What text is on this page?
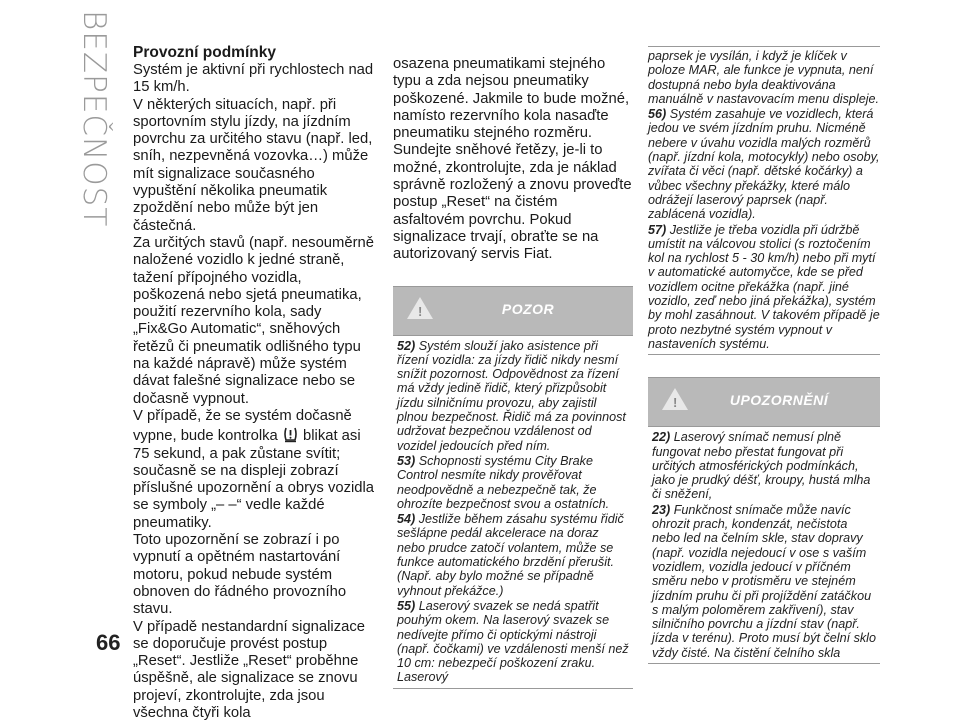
BEZPEČNOST Provozní podmínky

Systém je aktivní při rychlostech nad 15 km/h.

V některých situacích, např. při sportovním stylu jízdy, na jízdním povrchu za určitého stavu (např. led, sníh, nezpevněná vozovka…) může mít signalizace současného vypuštění několika pneumatik zpoždění nebo může být jen částečná.

Za určitých stavů (např. nesouměrně naložené vozidlo k jedné straně, tažení přípojného vozidla, poškozená nebo sjetá pneumatika, použití rezervního kola, sady „Fix&Go Automatic“, sněhových řetězů či pneumatik odlišného typu na každé nápravě) může systém dávat falešné signalizace nebo se dočasně vypnout.

V případě, že se systém dočasně vypne, bude kontrolka blikat asi 75 sekund, a pak zůstane svítit; současně se na displeji zobrazí příslušné upozornění a obrys vozidla se symboly „– –“ vedle každé pneumatiky.

Toto upozornění se zobrazí i po vypnutí a opětném nastartování motoru, pokud nebude systém obnoven do řádného provozního stavu.

V případě nestandardní signalizace se doporučuje provést postup „Reset“. Jestliže „Reset“ proběhne úspěšně, ale signalizace se znovu projeví, zkontrolujte, zda jsou všechna čtyři kola

osazena pneumatikami stejného typu a zda nejsou pneumatiky poškozené. Jakmile to bude možné, namísto rezervního kola nasaďte pneumatiku stejného rozměru. Sundejte sněhové řetězy, je-li to možné, zkontrolujte, zda je náklad správně rozložený a znovu proveďte postup „Reset“ na čistém asfaltovém povrchu. Pokud signalizace trvají, obraťte se na autorizovaný servis Fiat.

!	POZOR

52) Systém slouží jako asistence při řízení vozidla: za jízdy řidič nikdy nesmí snížit pozornost. Odpovědnost za řízení má vždy jedině řidič, který přizpůsobit jízdu silničnímu provozu, aby zajistil plnou bezpečnost. Řidič má za povinnost udržovat bezpečnou vzdálenost od vozidel jedoucích před ním.

53) Schopnosti systému City Brake Control nesmíte nikdy prověřovat neodpovědně a nebezpečně tak, že ohrozíte bezpečnost svou a ostatních.

54) Jestliže během zásahu systému řidič sešlápne pedál akcelerace na doraz nebo prudce zatočí volantem, může se funkce automatického brzdění přerušit. (Např. aby bylo možné se případně vyhnout překážce.)

55) Laserový svazek se nedá spatřit pouhým okem. Na laserový svazek se nedívejte přímo či optickými nástroji (např. čočkami) ve vzdálenosti menší než 10 cm: nebezpečí poškození zraku. Laserový

paprsek je vysílán, i když je klíček v poloze MAR, ale funkce je vypnuta, není dostupná nebo byla deaktivována manuálně v nastavovacím menu displeje.

56) Systém zasahuje ve vozidlech, která jedou ve svém jízdním pruhu. Nicméně nebere v úvahu vozidla malých rozměrů (např. jízdní kola, motocykly) nebo osoby, zvířata či věci (např. dětské kočárky) a vůbec všechny překážky, které málo odrážejí laserový paprsek (např. zablácená vozidla).

57) Jestliže je třeba vozidla při údržbě umístit na válcovou stolici (s roztočením kol na rychlost 5 - 30 km/h) nebo při mytí v automatické automyčce, kde se před vozidlem ocitne překážka (např. jiné vozidlo, zeď nebo jiná překážka), systém by mohl zasáhnout. V takovém případě je proto nezbytné systém vypnout v nastaveních systému.

!	UPOZORNĚNÍ

22) Laserový snímač nemusí plně fungovat nebo přestat fungovat při určitých atmosférických podmínkách, jako je prudký déšť, kroupy, hustá mlha či sněžení,

23) Funkčnost snímače může navíc ohrozit prach, kondenzát, nečistota nebo led na čelním skle, stav dopravy (např. vozidla nejedoucí v ose s vaším vozidlem, vozidla jedoucí v příčném směru nebo v protisměru ve stejném jízdním pruhu či při projíždění zatáčkou s malým poloměrem zakřivení), stav silničního povrchu a jízdní stav (např. jízda v terénu). Proto musí být čelní sklo vždy čisté. Na čistění čelního skla

66
